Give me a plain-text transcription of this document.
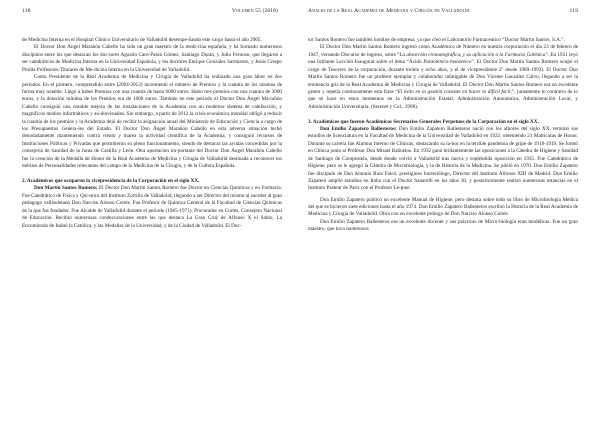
118	Volumen 55 (2018)

de Medicina Interna en el Hospital Clínico Universitario de Valladolid desempe-ñando este cargo hasta el año 2005.

El Doctor Don Ángel Marañón Cabello ha sido un gran maestro de la medi-cina española, y ha formado numerosos discípulos entre los que destacan los doc-tores Agustín Caro-Patón Gómez, Santiago Durán, y Julio Fernoso, que llegaron a ser catedráticos de Medicina Interna en la Universidad Española, y los doctores Enrique González Sarmiento, y Jesús Crespo Pinilla Profesores Titulares de Me-dicina Interna en la Universidad de Valladolid.

Como Presidente de la Real Academia de Medicina y Cirugía de Valladolid ha realizado una gran labor en dos periodos. En el primero, comprendido entre (2004-2012) incrementó el número de Premios y la cuantía de los mismos de forma muy notable. Llegó a haber Premios con una cuantía de hasta 6000 euros. Hubo tres premios con una cuantía de 3000 euros, y la dotación mínima de los Premios era de 1000 euros. También en este periodo el Doctor Don Ángel Ma-rañón Cabello consiguió una notable mejora de las instalaciones de la Academia con un moderno sistema de calefacción, y magníficos medios informáticos y au-diovisuales. Sin embargo, a partir de 2012 la crisis económica mundial obligó a reducir la cuantía de los premios y la Academia dejó de recibir la asignación anual del Ministerio de Educación y Ciencia a cargo de los Presupuestos Genera-les del Estado. El Doctor Don Ángel Marañón Cabello en esta adversa situación luchó denodadamente manteniendo contra viento y marea la actividad científica de la Academia, y consiguió recursos de Instituciones Públicas y Privadas que permitieron su pleno funcionamiento, siendo de destacar las ayudas concedidas por la consejería de Sanidad de la Junta de Castilla y León. Otra aportación im-portante del Doctor Don Ángel Marañón Cabello fue la creación de la Medalla de Honor de la Real Academia de Medicina y Cirugía de Valladolid destinada a reconocer los méritos de Personalidades relevantes del campo de la Medicina de la Cirugía, y de la Cultura Española.

2. Académicos que ocuparon la vicepresidencia de la Corporación en el siglo XX.

Don Martín Santos Romero: El Doctor Don Martín Santos Romero fue Doctor en Ciencias Químicas y en Farmacia. Fue Catedrático de Física y Quí-mica del Instituto Zorrilla de Valladolid, llegando a ser Director del mismo al suceder al gran pedagogo vallisoletano Don Narciso Alonso Cortés. Fue Profesor de Química General de la Facultad de Ciencias Químicas de la que fue fundador. Fue Alcalde de Valladolid durante el periodo (1965-1971), Procurador en Cortes, Consejero Nacional de Educación. Recibió numerosas condecoraciones entre las que destaca La Gran Cruz de Alfonso X el Sabio, La Encomienda de Isabel la Católica, y las Medallas de la Universidad, y de la Ciudad de Valladolid. El Doc-

Anales de la Real Academia de Medicina y Cirugía de Valladolid	119

tor Santos Romero fue también hombre de empresa, ya que creó el Laboratorio Farmacéutico “Doctor Martín Santos, S.A.”.

El Doctor Don Martín Santos Romero ingresó como Académico de Número en nuestra corporación el día 23 de febrero de 1947, versando Discurso de ingreso, sobre “La absorción cromatográfica, y su aplicación a la Farmacia Galénica”. En 1951 leyó una brillante Lección Inaugural sobre el tema “Ácido Pantoténico-hemoteico”. El Doctor Don Martín Santos Romero ocupó el cargo de Tesorero de la corporación, durante treinta y ocho años, y el de vicepresidente 2º desde 1989-1993). El Doctor Don Martín Santos Romero fue un profesor ejemplar y colaborador infatigable de Don Vicente González Calvo, llegando a ser la eminencia gris de la Real Academia de Medicina y Cirugía de Valladolid. El Doctor Don Martín Santos Romero era un excelente gestor y repetía continuamente esta frase “El éxito en la gestión consiste en hacer lo difícil fácil,”, juntamente lo contrario de lo que se hace en estos momentos en la Administración Estatal, Administración Autonómica, Administración Local, y Administración Universitaria. (Serenet y Col., 1998).

3. Académicos que fueron Académicos Secretarios Generales Perpetuos de la Corporación en el siglo XX.

Don Emilio Zapatero Ballesteros: Don Emilio Zapatero Ballesteros nació con los albores del siglo XX, terminó sus estudios de licenciatura en la Facultad de Medicina de la Universidad de Valladolid en 1922, obteniendo 21 Matrículas de Honor. Durante su carrera fue Alumno Interno de Clínicas, destacando su la-bor en la terrible pandemia de gripe de 1918-1919. Se formó en Clínica junto al Profesor Don Misael Bañuelos. En 1932 ganó brillantemente las oposiciones a la Cátedra de Higiene y Sanidad de Santiago de Compostela, desde donde volvió a Valladolid tras nueva y espléndida oposición en 1935. Fue Catedrático de Higiene, pero se le agregó la Cátedra de Microbiología, y la de Historia de la Medicina. Se jubiló en 1970. Don Emilio Zapatero fue discípulo de Don Antonio Ruiz Falcó, prestigioso bacteriólogo, Director del Instituto Alfonso XIII de Madrid. Don Emilio Zapatero amplió estudios en Italia con el Doctor Sanarelli en los años 30, y posteriormente realizó numerosas estancias en el Instituto Pasteur de París con el Profesor Le-pine.

Don Emilio Zapatero publicó un excelente Manual de Higiene, pero destaca sobre todo su libro de Microbiología Médica del que se hicieron siete ediciones hasta el año 1974. Don Emilio Zapatero Ballesteros escribió la Historia de la Real Academia de Medicina y Cirugía de Valladolid. Obra con un excelente prólogo de Don Narciso Alonso Cortés.

Don Emilio Zapatero Ballesteros era un excelente docente y sus prácticas de Micro-biología eran modélicas. Fue un gran maestro, que tuvo numerosos
